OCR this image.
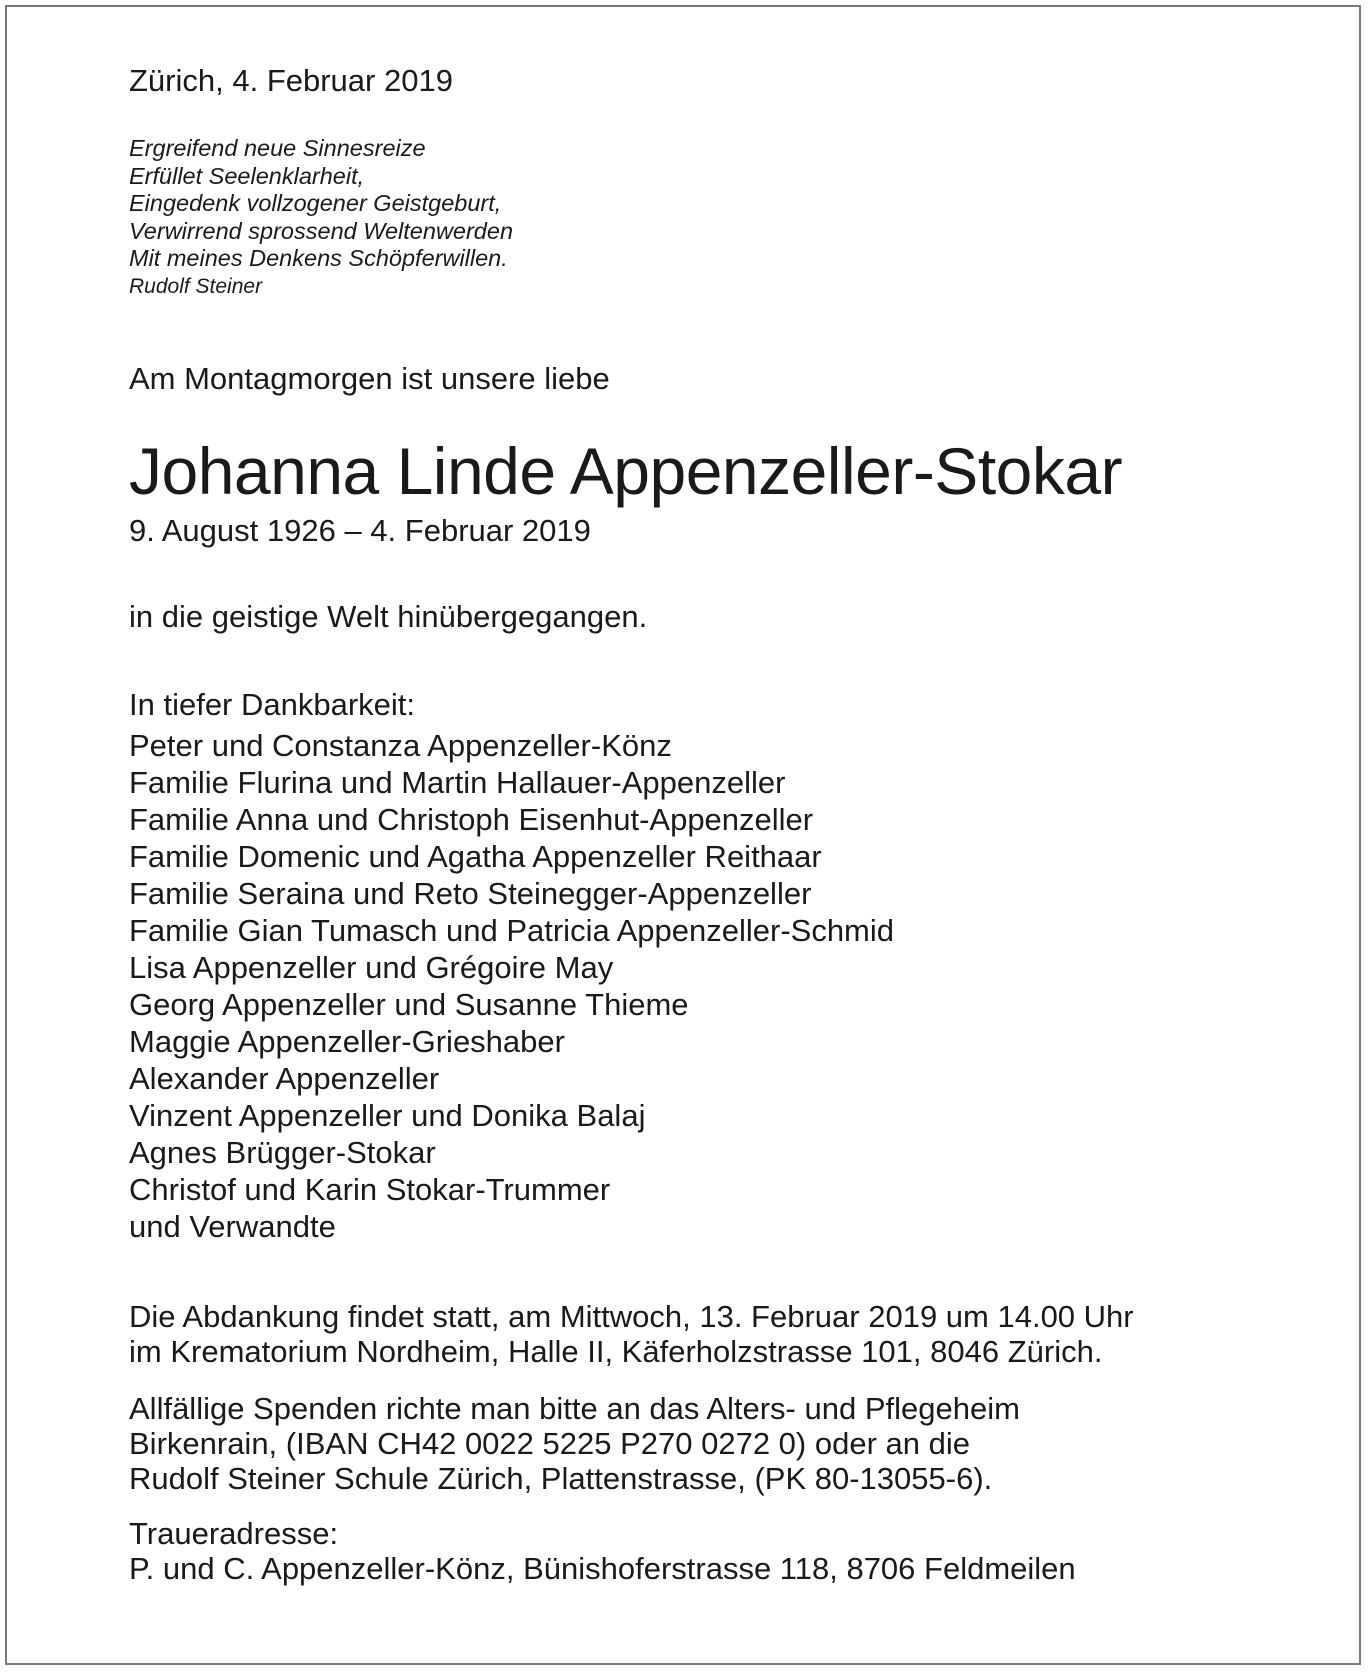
Zürich, 4. Februar 2019
Ergreifend neue Sinnesreize
Erfüllet Seelenklarheit,
Eingedenk vollzogener Geistgeburt,
Verwirrend sprossend Weltenwerden
Mit meines Denkens Schöpferwillen.
Rudolf Steiner
Am Montagmorgen ist unsere liebe
Johanna Linde Appenzeller-Stokar
9. August 1926 – 4. Februar 2019
in die geistige Welt hinübergegangen.
In tiefer Dankbarkeit:
Peter und Constanza Appenzeller-Könz
Familie Flurina und Martin Hallauer-Appenzeller
Familie Anna und Christoph Eisenhut-Appenzeller
Familie Domenic und Agatha Appenzeller Reithaar
Familie Seraina und Reto Steinegger-Appenzeller
Familie Gian Tumasch und Patricia Appenzeller-Schmid
Lisa Appenzeller und Grégoire May
Georg Appenzeller und Susanne Thieme
Maggie Appenzeller-Grieshaber
Alexander Appenzeller
Vinzent Appenzeller und Donika Balaj
Agnes Brügger-Stokar
Christof und Karin Stokar-Trummer
und Verwandte
Die Abdankung findet statt, am Mittwoch, 13. Februar 2019 um 14.00 Uhr
im Krematorium Nordheim, Halle II, Käferholzstrasse 101, 8046 Zürich.
Allfällige Spenden richte man bitte an das Alters- und Pflegeheim
Birkenrain, (IBAN CH42 0022 5225 P270 0272 0) oder an die
Rudolf Steiner Schule Zürich, Plattenstrasse, (PK 80-13055-6).
Traueradresse:
P. und C. Appenzeller-Könz, Bünishoferstrasse 118, 8706 Feldmeilen
